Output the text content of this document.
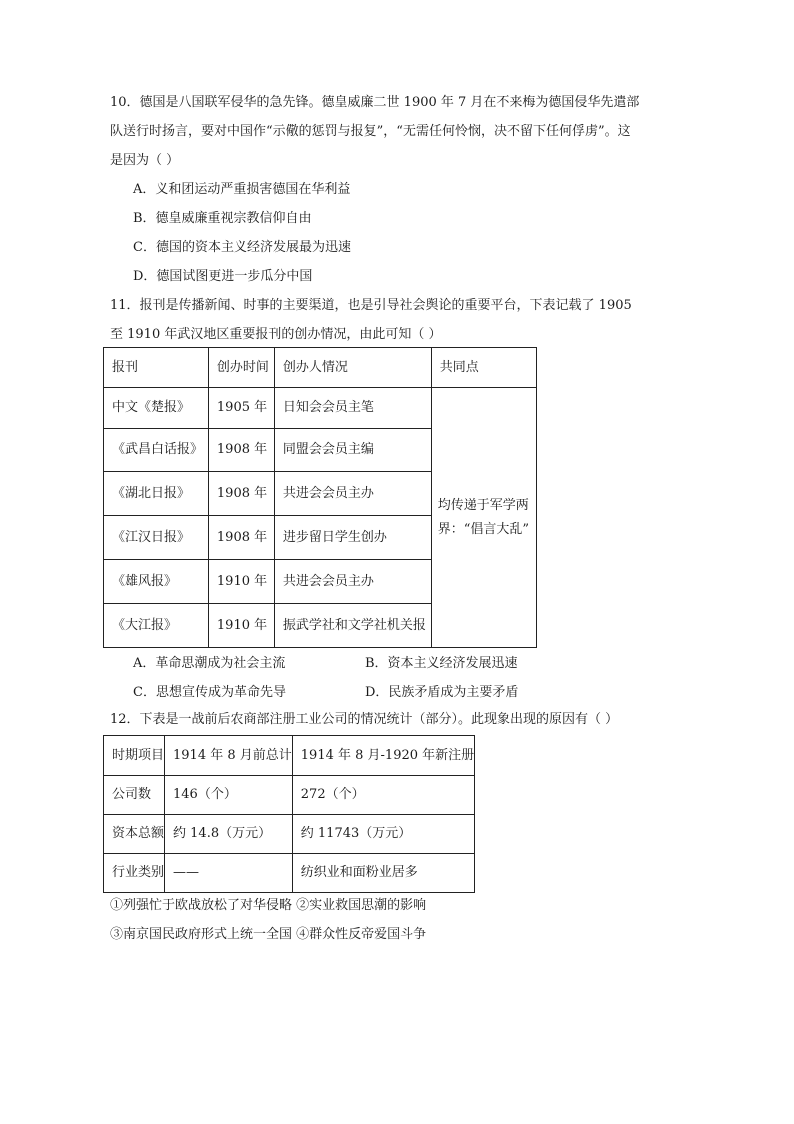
10．德国是八国联军侵华的急先锋。德皇威廉二世 1900 年 7 月在不来梅为德国侵华先遣部
队送行时扬言，要对中国作“示儆的惩罚与报复”，“无需任何怜悯，决不留下任何俘虏”。这
是因为（ ）
A．义和团运动严重损害德国在华利益
B．德皇威廉重视宗教信仰自由
C．德国的资本主义经济发展最为迅速
D．德国试图更进一步瓜分中国
11．报刊是传播新闻、时事的主要渠道，也是引导社会舆论的重要平台，下表记载了 1905
至 1910 年武汉地区重要报刊的创办情况，由此可知（ ）
报刊	创办时间	创办人情况	共同点
中文《楚报》	1905 年	日知会会员主笔	均传递于军学两界：“倡言大乱”
《武昌白话报》	1908 年	同盟会会员主编	
《湖北日报》	1908 年	共进会会员主办	
《江汉日报》	1908 年	进步留日学生创办	
《雄风报》	1910 年	共进会会员主办	
《大江报》	1910 年	振武学社和文学社机关报	
A．革命思潮成为社会主流	B．资本主义经济发展迅速
C．思想宣传成为革命先导	D．民族矛盾成为主要矛盾
12．下表是一战前后农商部注册工业公司的情况统计（部分）。此现象出现的原因有（ ）
时期项目	1914 年 8 月前总计	1914 年 8 月-1920 年新注册
公司数	146（个）	272（个）
资本总额	约 14.8（万元）	约 11743（万元）
行业类别	——	纺织业和面粉业居多
①列强忙于欧战放松了对华侵略 ②实业救国思潮的影响
③南京国民政府形式上统一全国 ④群众性反帝爱国斗争
